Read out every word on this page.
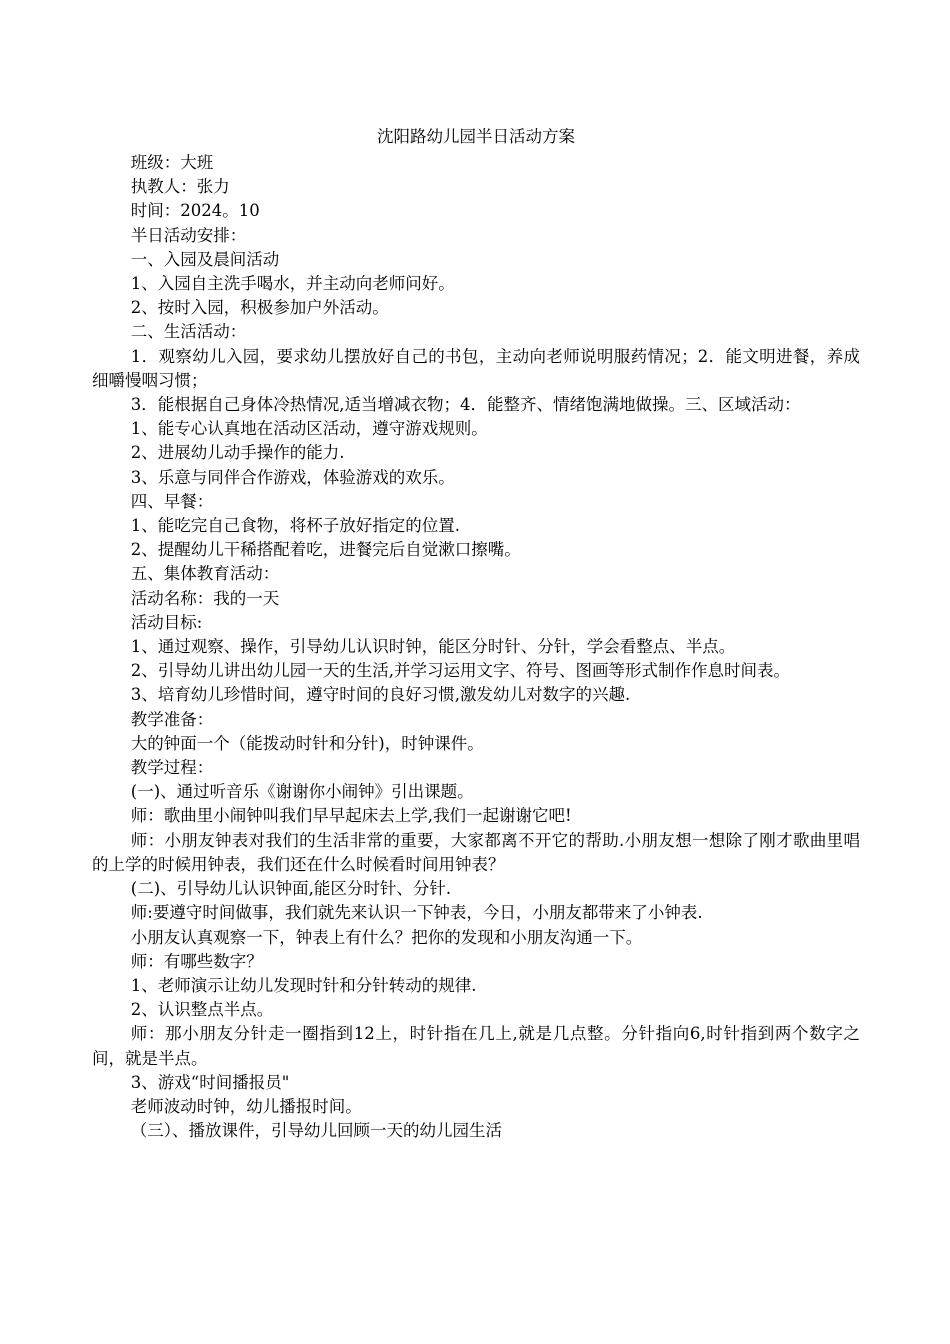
沈阳路幼儿园半日活动方案

班级：大班

执教人：张力

时间：2024。10

半日活动安排：

一、入园及晨间活动

1、入园自主洗手喝水，并主动向老师问好。

2、按时入园，积极参加户外活动。

二、生活活动：

1．观察幼儿入园，要求幼儿摆放好自己的书包，主动向老师说明服药情况；2．能文明进餐，养成细嚼慢咽习惯；

3．能根据自己身体冷热情况,适当增减衣物；4．能整齐、情绪饱满地做操。三、区域活动：

1、能专心认真地在活动区活动，遵守游戏规则。

2、进展幼儿动手操作的能力.

3、乐意与同伴合作游戏，体验游戏的欢乐。

四、早餐：

1、能吃完自己食物，将杯子放好指定的位置.

2、提醒幼儿干稀搭配着吃，进餐完后自觉漱口擦嘴。

五、集体教育活动：

活动名称：我的一天

活动目标:

1、通过观察、操作，引导幼儿认识时钟，能区分时针、分针，学会看整点、半点。

2、引导幼儿讲出幼儿园一天的生活,并学习运用文字、符号、图画等形式制作作息时间表。

3、培育幼儿珍惜时间，遵守时间的良好习惯,激发幼儿对数字的兴趣.

教学准备：

大的钟面一个（能拨动时针和分针)，时钟课件。

教学过程：

(一)、通过听音乐《谢谢你小闹钟》引出课题。

师：歌曲里小闹钟叫我们早早起床去上学,我们一起谢谢它吧!

师：小朋友钟表对我们的生活非常的重要，大家都离不开它的帮助.小朋友想一想除了刚才歌曲里唱的上学的时候用钟表，我们还在什么时候看时间用钟表？

(二)、引导幼儿认识钟面,能区分时针、分针.

师:要遵守时间做事，我们就先来认识一下钟表，今日，小朋友都带来了小钟表.

小朋友认真观察一下，钟表上有什么？把你的发现和小朋友沟通一下。

师：有哪些数字？

1、老师演示让幼儿发现时针和分针转动的规律.

2、认识整点半点。

师：那小朋友分针走一圈指到12上，时针指在几上,就是几点整。分针指向6,时针指到两个数字之间，就是半点。

3、游戏“时间播报员"

老师波动时钟，幼儿播报时间。

（三）、播放课件，引导幼儿回顾一天的幼儿园生活
